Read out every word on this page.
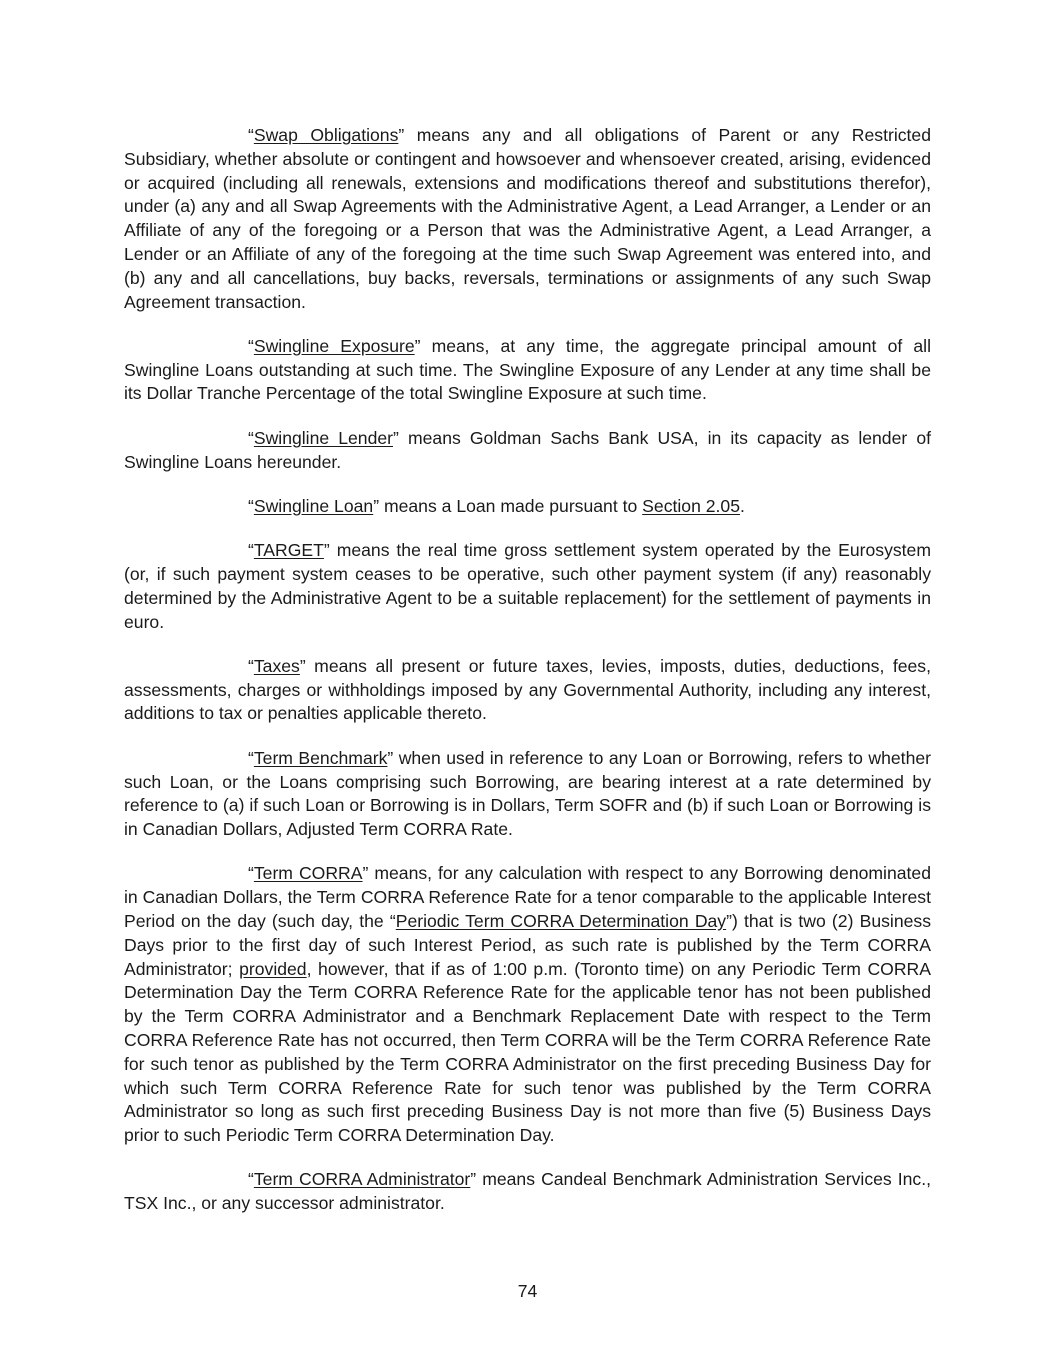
“Swap Obligations” means any and all obligations of Parent or any Restricted Subsidiary, whether absolute or contingent and howsoever and whensoever created, arising, evidenced or acquired (including all renewals, extensions and modifications thereof and substitutions therefor), under (a) any and all Swap Agreements with the Administrative Agent, a Lead Arranger, a Lender or an Affiliate of any of the foregoing or a Person that was the Administrative Agent, a Lead Arranger, a Lender or an Affiliate of any of the foregoing at the time such Swap Agreement was entered into, and (b) any and all cancellations, buy backs, reversals, terminations or assignments of any such Swap Agreement transaction.

“Swingline Exposure” means, at any time, the aggregate principal amount of all Swingline Loans outstanding at such time. The Swingline Exposure of any Lender at any time shall be its Dollar Tranche Percentage of the total Swingline Exposure at such time.

“Swingline Lender” means Goldman Sachs Bank USA, in its capacity as lender of Swingline Loans hereunder.

“Swingline Loan” means a Loan made pursuant to Section 2.05.

“TARGET” means the real time gross settlement system operated by the Eurosystem (or, if such payment system ceases to be operative, such other payment system (if any) reasonably determined by the Administrative Agent to be a suitable replacement) for the settlement of payments in euro.

“Taxes” means all present or future taxes, levies, imposts, duties, deductions, fees, assessments, charges or withholdings imposed by any Governmental Authority, including any interest, additions to tax or penalties applicable thereto.

“Term Benchmark” when used in reference to any Loan or Borrowing, refers to whether such Loan, or the Loans comprising such Borrowing, are bearing interest at a rate determined by reference to (a) if such Loan or Borrowing is in Dollars, Term SOFR and (b) if such Loan or Borrowing is in Canadian Dollars, Adjusted Term CORRA Rate.

“Term CORRA” means, for any calculation with respect to any Borrowing denominated in Canadian Dollars, the Term CORRA Reference Rate for a tenor comparable to the applicable Interest Period on the day (such day, the “Periodic Term CORRA Determination Day”) that is two (2) Business Days prior to the first day of such Interest Period, as such rate is published by the Term CORRA Administrator; provided, however, that if as of 1:00 p.m. (Toronto time) on any Periodic Term CORRA Determination Day the Term CORRA Reference Rate for the applicable tenor has not been published by the Term CORRA Administrator and a Benchmark Replacement Date with respect to the Term CORRA Reference Rate has not occurred, then Term CORRA will be the Term CORRA Reference Rate for such tenor as published by the Term CORRA Administrator on the first preceding Business Day for which such Term CORRA Reference Rate for such tenor was published by the Term CORRA Administrator so long as such first preceding Business Day is not more than five (5) Business Days prior to such Periodic Term CORRA Determination Day.

“Term CORRA Administrator” means Candeal Benchmark Administration Services Inc., TSX Inc., or any successor administrator.

74
